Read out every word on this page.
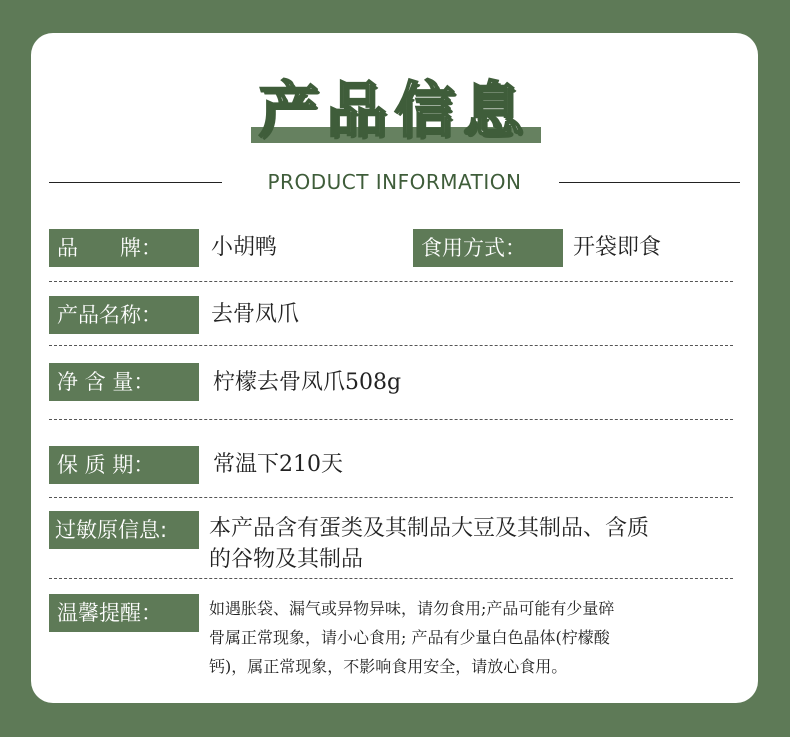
产品信息
PRODUCT INFORMATION
品　　牌：	小胡鸭	食用方式：	开袋即食
产品名称：	去骨凤爪
净 含 量：	柠檬去骨凤爪508g
保 质 期：	常温下210天
过敏原信息:	本产品含有蛋类及其制品大豆及其制品、含质
的谷物及其制品
温馨提醒：	如遇胀袋、漏气或异物异味，请勿食用;产品可能有少量碎
骨属正常现象，请小心食用; 产品有少量白色晶体(柠檬酸
钙)，属正常现象，不影响食用安全，请放心食用。
